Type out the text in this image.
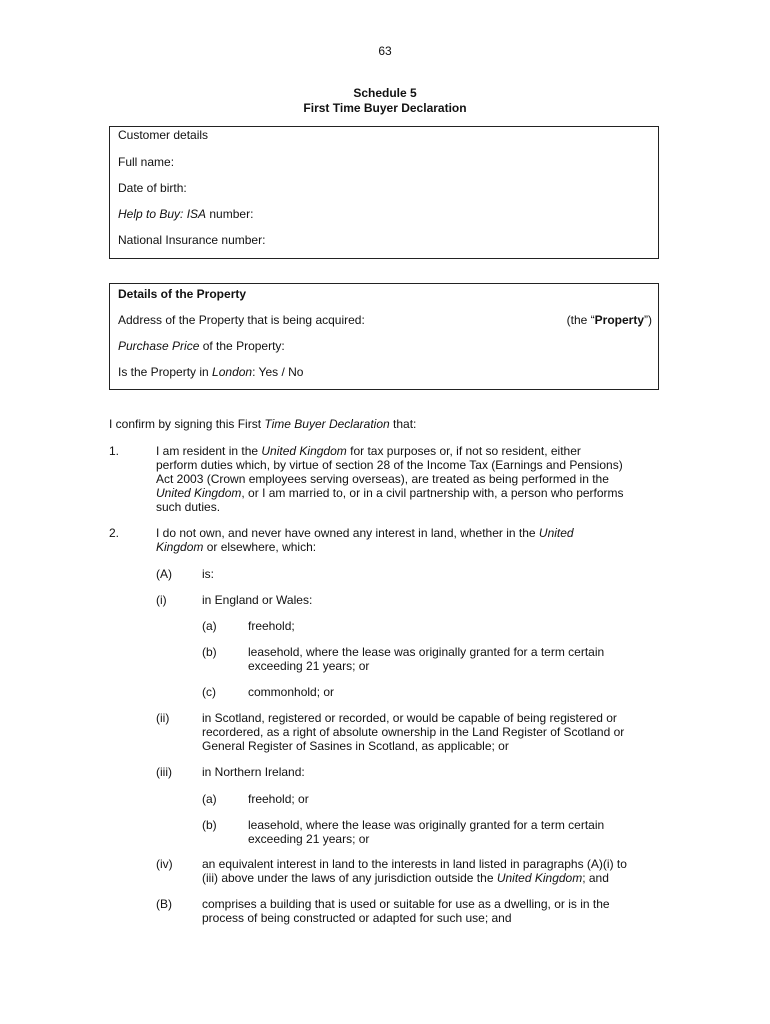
63
Schedule 5
First Time Buyer Declaration
Customer details
Full name:
Date of birth:
Help to Buy: ISA number:
National Insurance number:
Details of the Property
Address of the Property that is being acquired:	(the “Property”)
Purchase Price of the Property:
Is the Property in London: Yes / No
I confirm by signing this First Time Buyer Declaration that:
1.	I am resident in the United Kingdom for tax purposes or, if not so resident, either
perform duties which, by virtue of section 28 of the Income Tax (Earnings and Pensions)
Act 2003 (Crown employees serving overseas), are treated as being performed in the
United Kingdom, or I am married to, or in a civil partnership with, a person who performs
such duties.
2.	I do not own, and never have owned any interest in land, whether in the United
Kingdom or elsewhere, which:
(A)	is:
(i)	in England or Wales:
(a)	freehold;
(b)	leasehold, where the lease was originally granted for a term certain
exceeding 21 years; or
(c)	commonhold; or
(ii)	in Scotland, registered or recorded, or would be capable of being registered or
recordered, as a right of absolute ownership in the Land Register of Scotland or
General Register of Sasines in Scotland, as applicable; or
(iii)	in Northern Ireland:
(a)	freehold; or
(b)	leasehold, where the lease was originally granted for a term certain
exceeding 21 years; or
(iv) an equivalent interest in land to the interests in land listed in paragraphs (A)(i) to
(iii) above under the laws of any jurisdiction outside the United Kingdom; and
(B)	comprises a building that is used or suitable for use as a dwelling, or is in the
process of being constructed or adapted for such use; and
